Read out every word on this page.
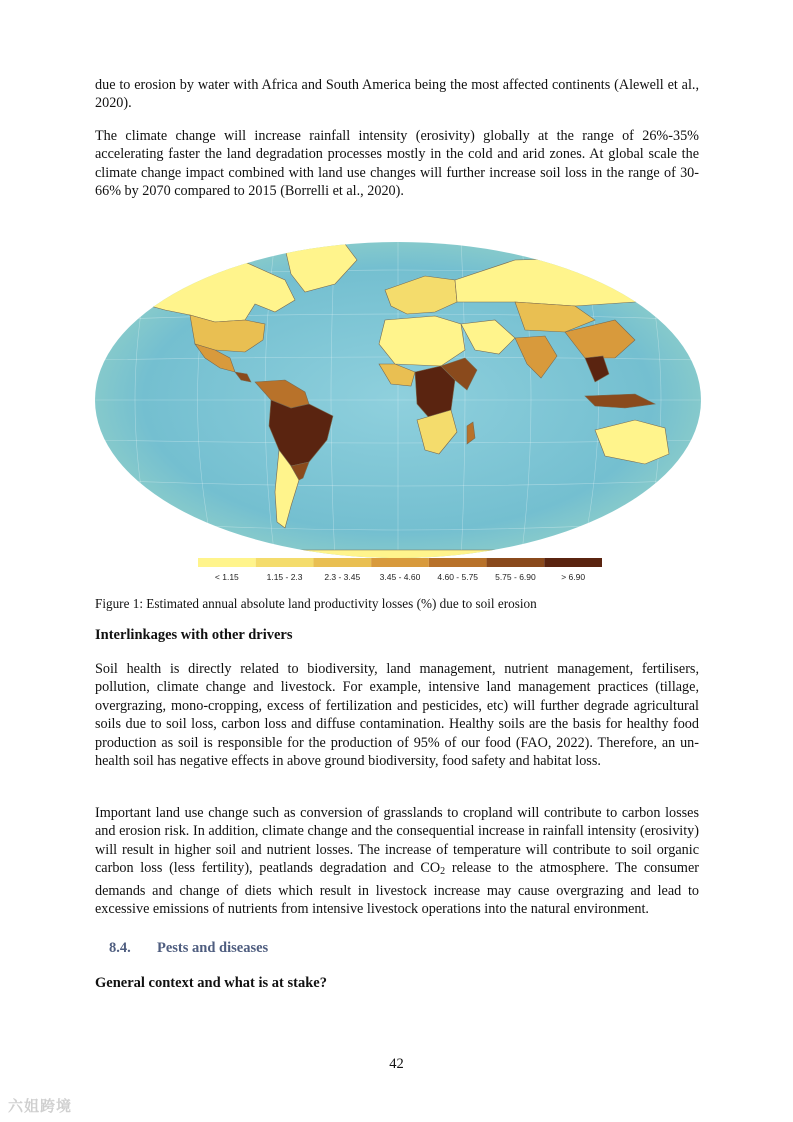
due to erosion by water with Africa and South America being the most affected continents (Alewell et al., 2020).

The climate change will increase rainfall intensity (erosivity) globally at the range of 26%-35% accelerating faster the land degradation processes mostly in the cold and arid zones. At global scale the climate change impact combined with land use changes will further increase soil loss in the range of 30-66% by 2070 compared to 2015 (Borrelli et al., 2020).

< 1.15	1.15 - 2.3	2.3 - 3.45 3.45 - 4.60 4.60 - 5.75 5.75 - 6.90	> 6.90
Figure 1: Estimated annual absolute land productivity losses (%) due to soil erosion
Interlinkages with other drivers

Soil health is directly related to biodiversity, land management, nutrient management, fertilisers, pollution, climate change and livestock. For example, intensive land management practices (tillage, overgrazing, mono-cropping, excess of fertilization and pesticides, etc) will further degrade agricultural soils due to soil loss, carbon loss and diffuse contamination. Healthy soils are the basis for healthy food production as soil is responsible for the production of 95% of our food (FAO, 2022). Therefore, an un-health soil has negative effects in above ground biodiversity, food safety and habitat loss.

Important land use change such as conversion of grasslands to cropland will contribute to carbon losses and erosion risk. In addition, climate change and the consequential increase in rainfall intensity (erosivity) will result in higher soil and nutrient losses. The increase of temperature will contribute to soil organic carbon loss (less fertility), peatlands degradation and $CO_2$ release to the atmosphere. The consumer demands and change of diets which result in livestock increase may cause overgrazing and lead to excessive emissions of nutrients from intensive livestock operations into the natural environment.

8.4. Pests and diseases
General context and what is at stake?
42
六姐跨境
